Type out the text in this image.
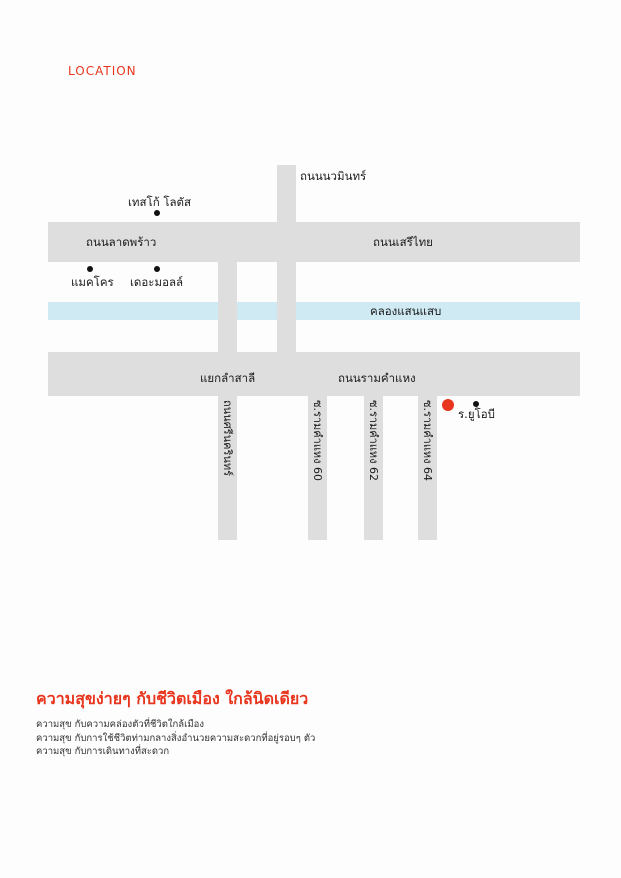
LOCATION
ถนนนวมินทร์
ถนนลาดพร้าว	ถนนเสรีไทย
คลองแสนแสบ
แยกลำสาลี	ถนนรามคำแหง
ถนนศรีนครินทร์	ซ.รามคำแหง 60	ซ.รามคำแหง 62	ซ.รามคำแหง 64
เทสโก้ โลตัส
แมคโคร เดอะมอลล์
ร.ยูโอบี
ความสุขง่ายๆ กับชีวิตเมือง ใกล้นิดเดียว
ความสุข กับความคล่องตัวที่ชีวิตใกล้เมือง
ความสุข กับการใช้ชีวิตท่ามกลางสิ่งอำนวยความสะดวกที่อยู่รอบๆ ตัว
ความสุข กับการเดินทางที่สะดวก
